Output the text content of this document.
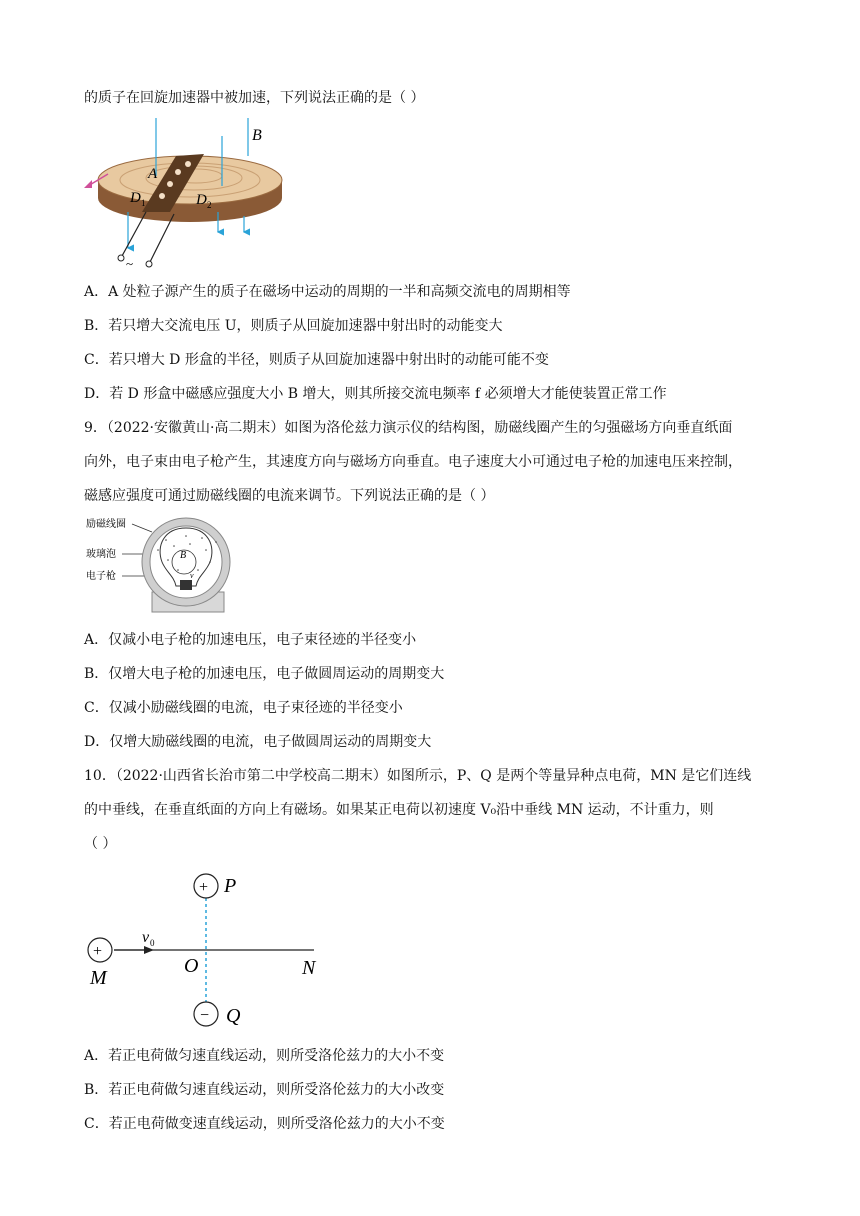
的质子在回旋加速器中被加速，下列说法正确的是（ ）
~
A
B
D 1	D 2
A．A 处粒子源产生的质子在磁场中运动的周期的一半和高频交流电的周期相等
B．若只增大交流电压 U，则质子从回旋加速器中射出时的动能变大
C．若只增大 D 形盒的半径，则质子从回旋加速器中射出时的动能可能不变
D．若 D 形盒中磁感应强度大小 B 增大，则其所接交流电频率 f 必须增大才能使装置正常工作
9．（2022·安徽黄山·高二期末）如图为洛伦兹力演示仪的结构图，励磁线圈产生的匀强磁场方向垂直纸面
向外，电子束由电子枪产生，其速度方向与磁场方向垂直。电子速度大小可通过电子枪的加速电压来控制，
磁感应强度可通过励磁线圈的电流来调节。下列说法正确的是（ ）
励磁线圈
玻璃泡
电子枪
B
v
A．仅减小电子枪的加速电压，电子束径迹的半径变小
B．仅增大电子枪的加速电压，电子做圆周运动的周期变大
C．仅减小励磁线圈的电流，电子束径迹的半径变小
D．仅增大励磁线圈的电流，电子做圆周运动的周期变大
10．（2022·山西省长治市第二中学校高二期末）如图所示，P、Q 是两个等量异种点电荷，MN 是它们连线
的中垂线，在垂直纸面的方向上有磁场。如果某正电荷以初速度 V₀沿中垂线 MN 运动，不计重力，则
（ ）
+ P
− Q
+
M
O	N
v 0
A．若正电荷做匀速直线运动，则所受洛伦兹力的大小不变
B．若正电荷做匀速直线运动，则所受洛伦兹力的大小改变
C．若正电荷做变速直线运动，则所受洛伦兹力的大小不变
